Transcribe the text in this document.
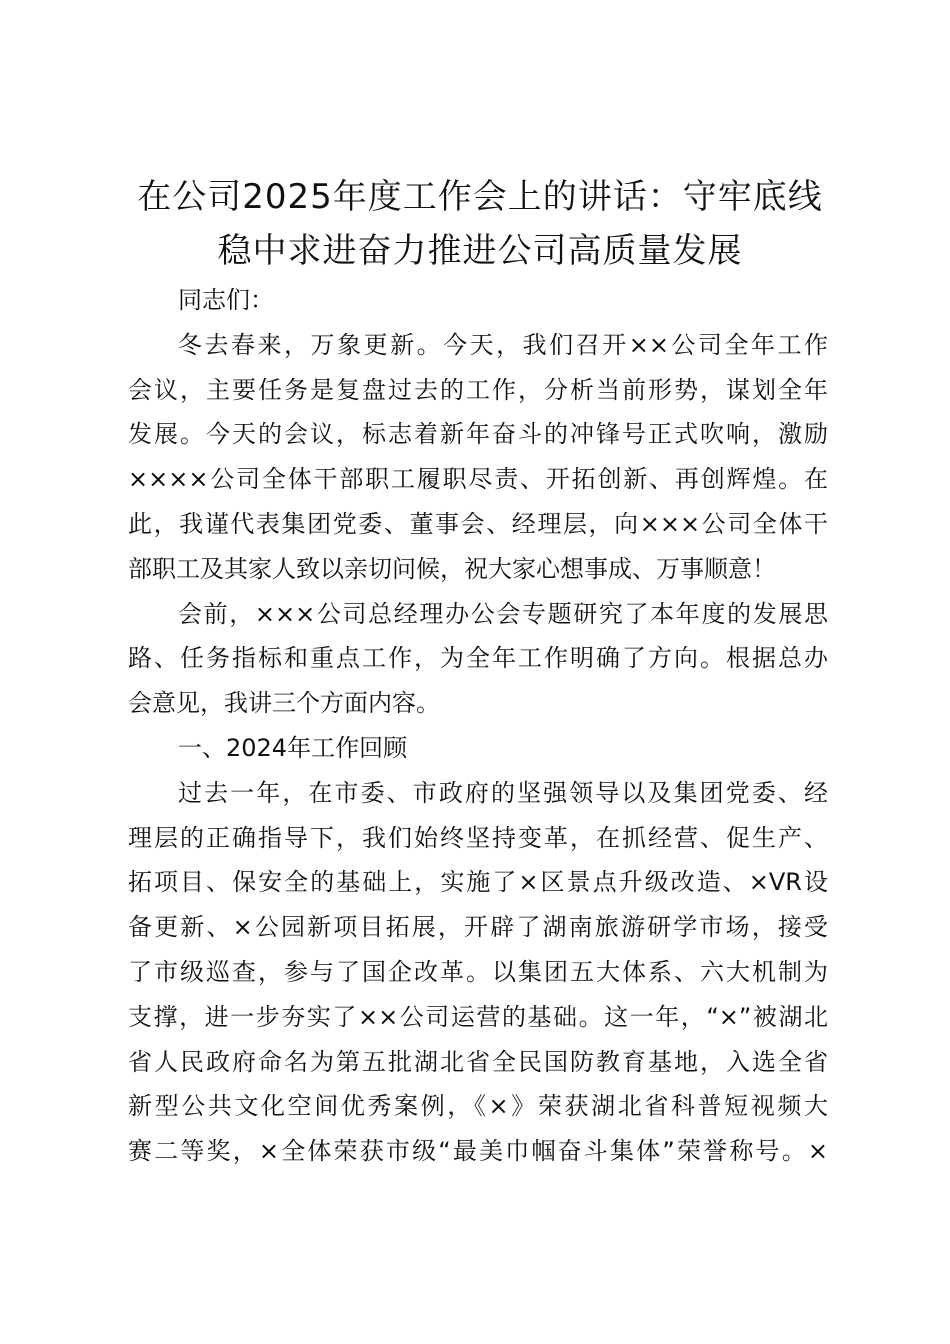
在公司2025年度工作会上的讲话：守牢底线
稳中求进奋力推进公司高质量发展

同志们：

冬去春来，万象更新。今天，我们召开××公司全年工作
会议，主要任务是复盘过去的工作，分析当前形势，谋划全年
发展。今天的会议，标志着新年奋斗的冲锋号正式吹响，激励
××××公司全体干部职工履职尽责、开拓创新、再创辉煌。在
此，我谨代表集团党委、董事会、经理层，向×××公司全体干
部职工及其家人致以亲切问候，祝大家心想事成、万事顺意！

会前，×××公司总经理办公会专题研究了本年度的发展思
路、任务指标和重点工作，为全年工作明确了方向。根据总办
会意见，我讲三个方面内容。

一、2024年工作回顾

过去一年，在市委、市政府的坚强领导以及集团党委、经
理层的正确指导下，我们始终坚持变革，在抓经营、促生产、
拓项目、保安全的基础上，实施了×区景点升级改造、×VR设
备更新、×公园新项目拓展，开辟了湖南旅游研学市场，接受
了市级巡查，参与了国企改革。以集团五大体系、六大机制为
支撑，进一步夯实了××公司运营的基础。这一年，“×”被湖北
省人民政府命名为第五批湖北省全民国防教育基地，入选全省
新型公共文化空间优秀案例，《×》荣获湖北省科普短视频大
赛二等奖，×全体荣获市级“最美巾帼奋斗集体”荣誉称号。×
